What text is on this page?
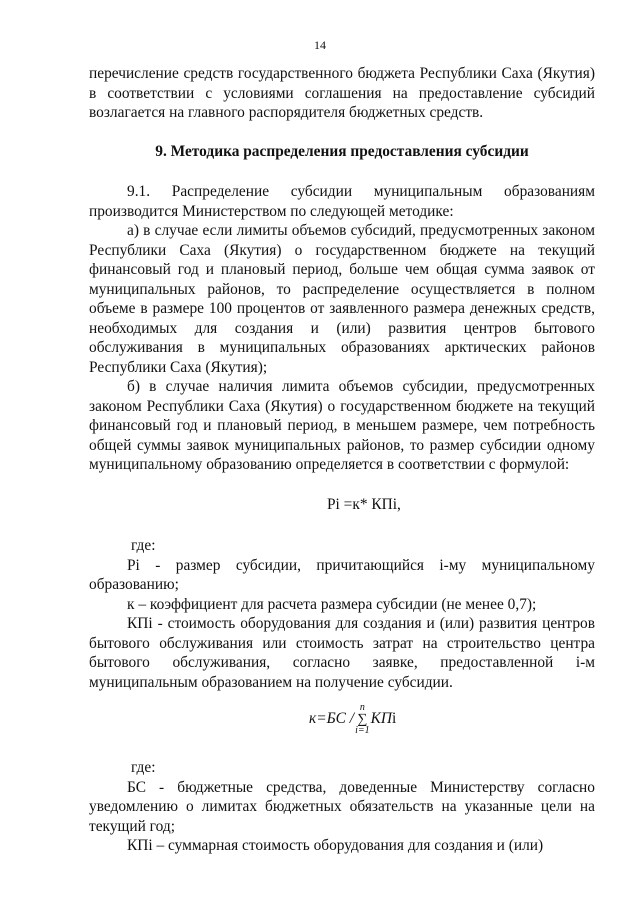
14

перечисление средств государственного бюджета Республики Саха (Якутия) в соответствии с условиями соглашения на предоставление субсидий возлагается на главного распорядителя бюджетных средств.

9. Методика распределения предоставления субсидии

9.1. Распределение субсидии муниципальным образованиям производится Министерством по следующей методике:

а) в случае если лимиты объемов субсидий, предусмотренных законом Республики Саха (Якутия) о государственном бюджете на текущий финансовый год и плановый период, больше чем общая сумма заявок от муниципальных районов, то распределение осуществляется в полном объеме в размере 100 процентов от заявленного размера денежных средств, необходимых для создания и (или) развития центров бытового обслуживания в муниципальных образованиях арктических районов Республики Саха (Якутия);

б) в случае наличия лимита объемов субсидии, предусмотренных законом Республики Саха (Якутия) о государственном бюджете на текущий финансовый год и плановый период, в меньшем размере, чем потребность общей суммы заявок муниципальных районов, то размер субсидии одному муниципальному образованию определяется в соответствии с формулой:

Pi =к* КПi,

где:

Pi - размер субсидии, причитающийся i-му муниципальному образованию;

к – коэффициент для расчета размера субсидии (не менее 0,7);

КПi - стоимость оборудования для создания и (или) развития центров бытового обслуживания или стоимость затрат на строительство центра бытового обслуживания, согласно заявке, предоставленной i-м муниципальным образованием на получение субсидии.

к=БС /
n
∑
i=1
КП i

где:

БС - бюджетные средства, доведенные Министерству согласно уведомлению о лимитах бюджетных обязательств на указанные цели на текущий год;

КПi – суммарная стоимость оборудования для создания и (или)
